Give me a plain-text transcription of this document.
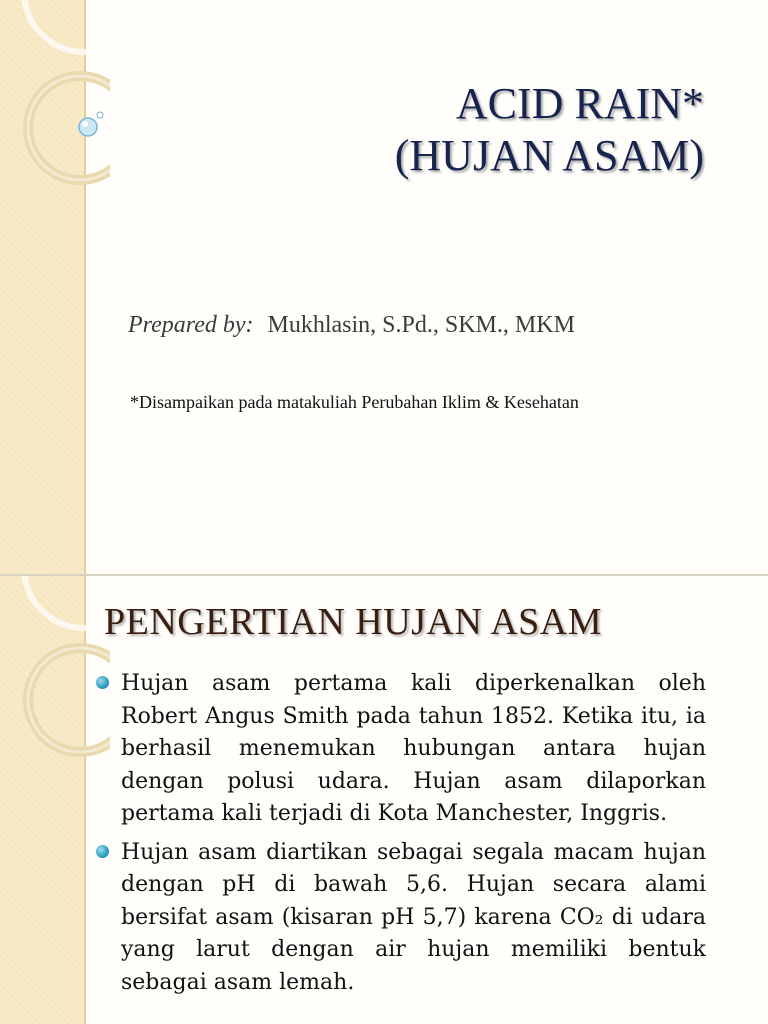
ACID RAIN*
(HUJAN ASAM)
Prepared by: Mukhlasin, S.Pd., SKM., MKM
*Disampaikan pada matakuliah Perubahan Iklim & Kesehatan
PENGERTIAN HUJAN ASAM
Hujan asam pertama kali diperkenalkan oleh Robert Angus Smith pada tahun 1852. Ketika itu, ia berhasil menemukan hubungan antara hujan dengan polusi udara. Hujan asam dilaporkan pertama kali terjadi di Kota Manchester, Inggris.
Hujan asam diartikan sebagai segala macam hujan dengan pH di bawah 5,6. Hujan secara alami bersifat asam (kisaran pH 5,7) karena CO₂ di udara yang larut dengan air hujan memiliki bentuk sebagai asam lemah.
